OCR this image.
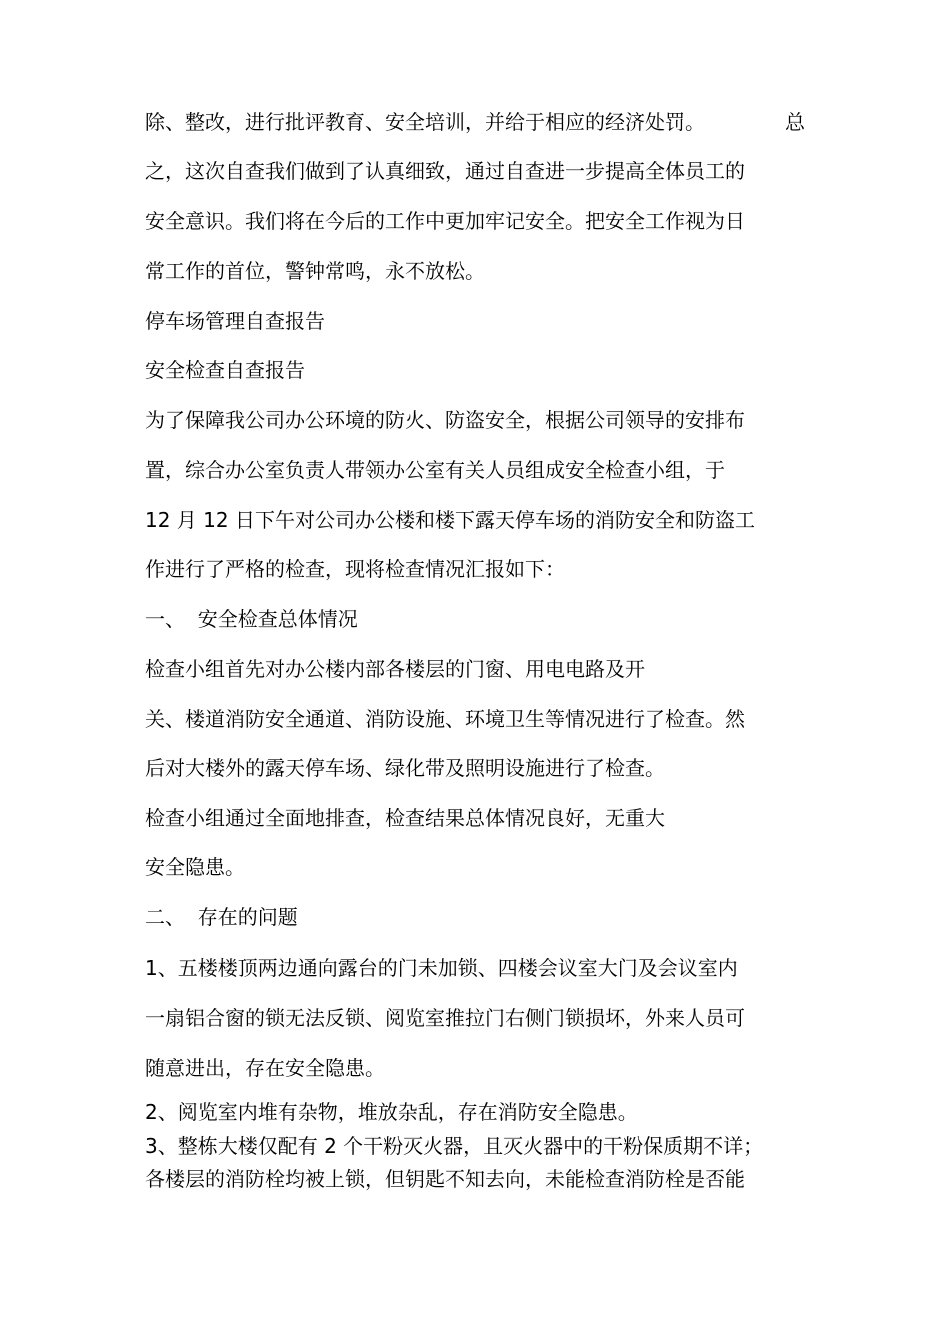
除、整改，进行批评教育、安全培训，并给于相应的经济处罚。	总
之，这次自查我们做到了认真细致，通过自查进一步提高全体员工的
安全意识。我们将在今后的工作中更加牢记安全。把安全工作视为日
常工作的首位，警钟常鸣，永不放松。
停车场管理自查报告
安全检查自查报告
为了保障我公司办公环境的防火、防盗安全，根据公司领导的安排布
置，综合办公室负责人带领办公室有关人员组成安全检查小组，于
12 月 12 日下午对公司办公楼和楼下露天停车场的消防安全和防盗工
作进行了严格的检查，现将检查情况汇报如下：
一、  安全检查总体情况
检查小组首先对办公楼内部各楼层的门窗、用电电路及开
关、楼道消防安全通道、消防设施、环境卫生等情况进行了检查。然
后对大楼外的露天停车场、绿化带及照明设施进行了检查。
检查小组通过全面地排查，检查结果总体情况良好，无重大
安全隐患。
二、  存在的问题
1、五楼楼顶两边通向露台的门未加锁、四楼会议室大门及会议室内
一扇铝合窗的锁无法反锁、阅览室推拉门右侧门锁损坏，外来人员可
随意进出，存在安全隐患。
2、阅览室内堆有杂物，堆放杂乱，存在消防安全隐患。
3、整栋大楼仅配有 2 个干粉灭火器，且灭火器中的干粉保质期不详；
各楼层的消防栓均被上锁，但钥匙不知去向，未能检查消防栓是否能
